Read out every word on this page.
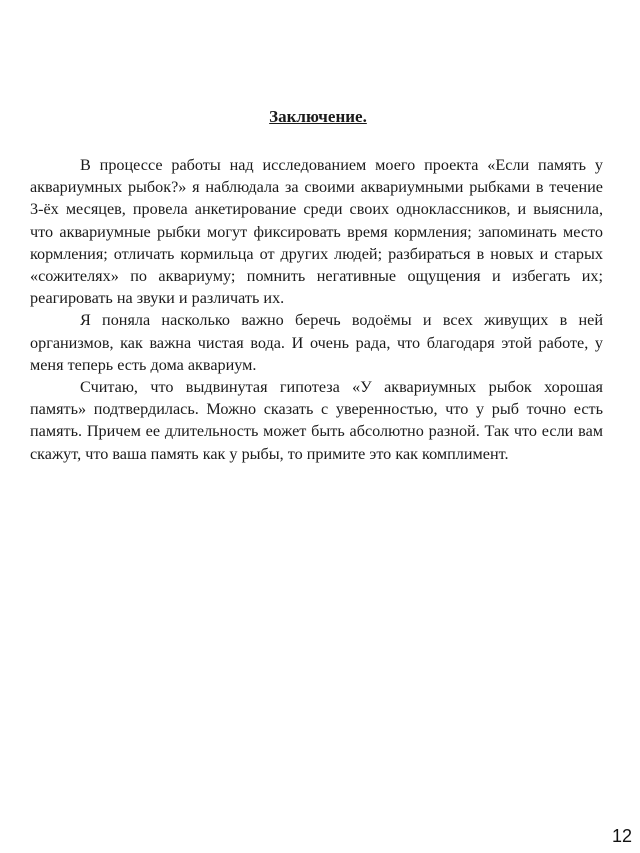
Заключение.

В процессе работы над исследованием моего проекта «Если память у аквариумных рыбок?» я наблюдала за своими аквариумными рыбками в течение 3-ёх месяцев, провела анкетирование среди своих одноклассников, и выяснила, что аквариумные рыбки могут фиксировать время кормления; запоминать место кормления; отличать кормильца от других людей; разбираться в новых и старых «сожителях» по аквариуму; помнить негативные ощущения и избегать их; реагировать на звуки и различать их.

Я поняла насколько важно беречь водоёмы и всех живущих в ней организмов, как важна чистая вода. И очень рада, что благодаря этой работе, у меня теперь есть дома аквариум.

Считаю, что выдвинутая гипотеза «У аквариумных рыбок хорошая память» подтвердилась. Можно сказать с уверенностью, что у рыб точно есть память. Причем ее длительность может быть абсолютно разной. Так что если вам скажут, что ваша память как у рыбы, то примите это как комплимент.

12
